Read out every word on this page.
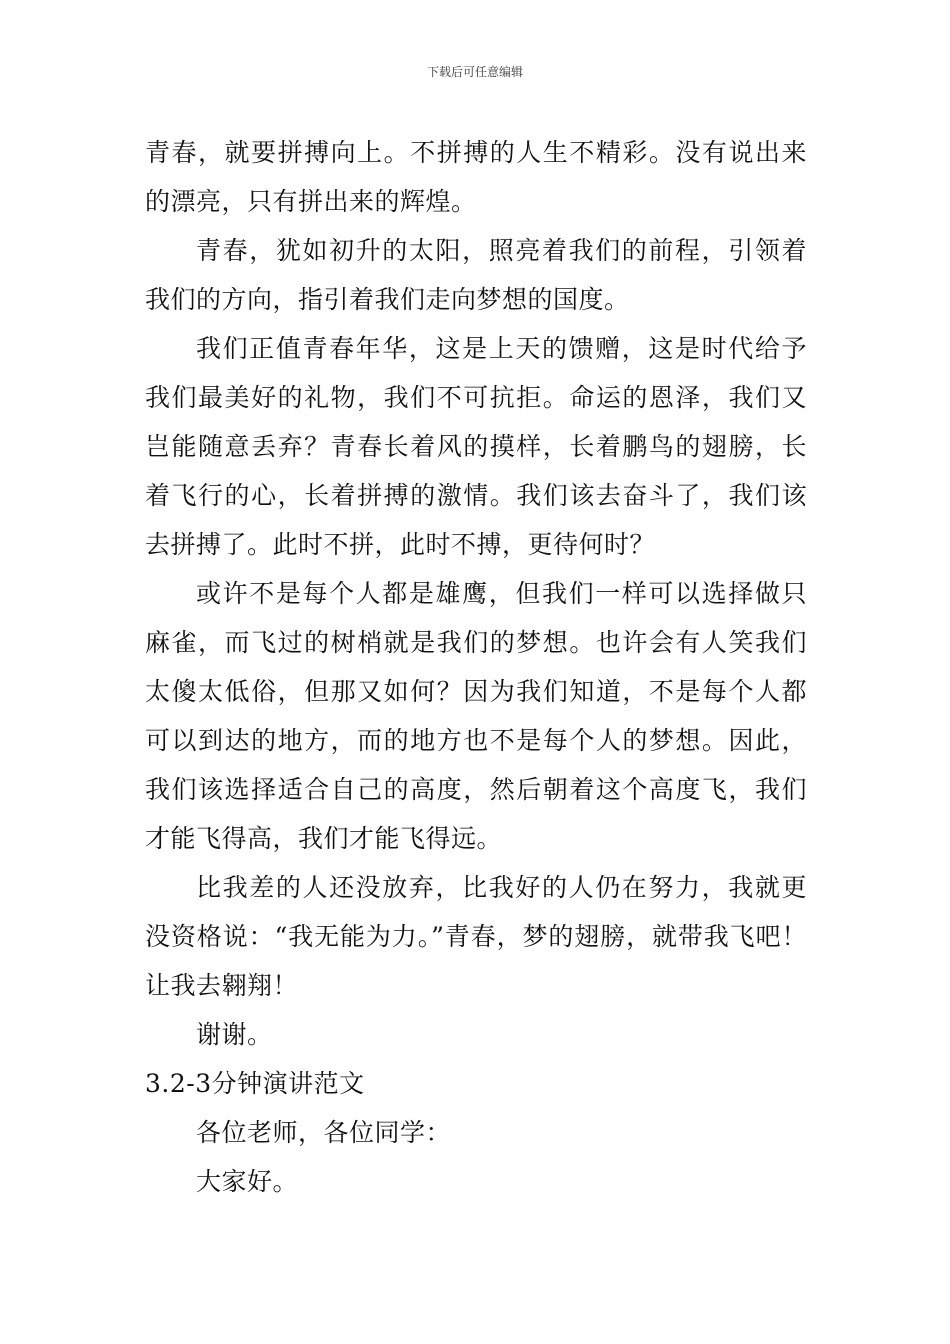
下载后可任意编辑

青春，就要拼搏向上。不拼搏的人生不精彩。没有说出来的漂亮，只有拼出来的辉煌。

青春，犹如初升的太阳，照亮着我们的前程，引领着我们的方向，指引着我们走向梦想的国度。

我们正值青春年华，这是上天的馈赠，这是时代给予我们最美好的礼物，我们不可抗拒。命运的恩泽，我们又岂能随意丢弃？青春长着风的摸样，长着鹏鸟的翅膀，长着飞行的心，长着拼搏的激情。我们该去奋斗了，我们该去拼搏了。此时不拼，此时不搏，更待何时？

或许不是每个人都是雄鹰，但我们一样可以选择做只麻雀，而飞过的树梢就是我们的梦想。也许会有人笑我们太傻太低俗，但那又如何？因为我们知道，不是每个人都可以到达的地方，而的地方也不是每个人的梦想。因此，我们该选择适合自己的高度，然后朝着这个高度飞，我们才能飞得高，我们才能飞得远。

比我差的人还没放弃，比我好的人仍在努力，我就更没资格说：“我无能为力。”青春，梦的翅膀，就带我飞吧！让我去翱翔！

谢谢。

3.2-3分钟演讲范文

各位老师，各位同学：

大家好。
